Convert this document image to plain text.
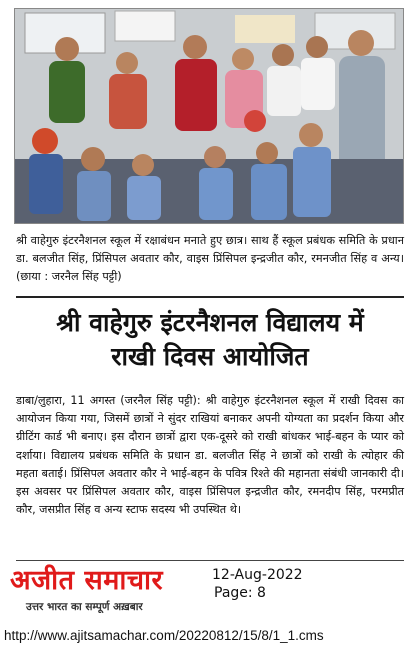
श्री वाहेगुरु इंटरनैशनल स्कूल में रक्षाबंधन मनाते हुए छात्र। साथ हैं स्कूल प्रबंधक समिति के प्रधान डा. बलजीत सिंह, प्रिंसिपल अवतार कौर, वाइस प्रिंसिपल इन्द्रजीत कौर, रमनजीत सिंह व अन्य। (छाया : जरनैल सिंह पट्टी)
श्री वाहेगुरु इंटरनैशनल विद्यालय में
राखी दिवस आयोजित
डाबा/लुहारा, 11 अगस्त (जरनैल सिंह पट्टी): श्री वाहेगुरु इंटरनैशनल स्कूल में राखी दिवस का आयोजन किया गया, जिसमें छात्रों ने सुंदर राखियां बनाकर अपनी योग्यता का प्रदर्शन किया और ग्रीटिंग कार्ड भी बनाए। इस दौरान छात्रों द्वारा एक-दूसरे को राखी बांधकर भाई-बहन के प्यार को दर्शाया। विद्यालय प्रबंधक समिति के प्रधान डा. बलजीत सिंह ने छात्रों को राखी के त्योहार की महता बताई। प्रिंसिपल अवतार कौर ने भाई-बहन के पवित्र रिश्ते की महानता संबंधी जानकारी दी। इस अवसर पर प्रिंसिपल अवतार कौर, वाइस प्रिंसिपल इन्द्रजीत कौर, रमनदीप सिंह, परमप्रीत कौर, जसप्रीत सिंह व अन्य स्टाफ सदस्य भी उपस्थित थे।
अजीत समाचार
उत्तर भारत का सम्पूर्ण अख़बार
12-Aug-2022
Page: 8
http://www.ajitsamachar.com/20220812/15/8/1_1.cms
